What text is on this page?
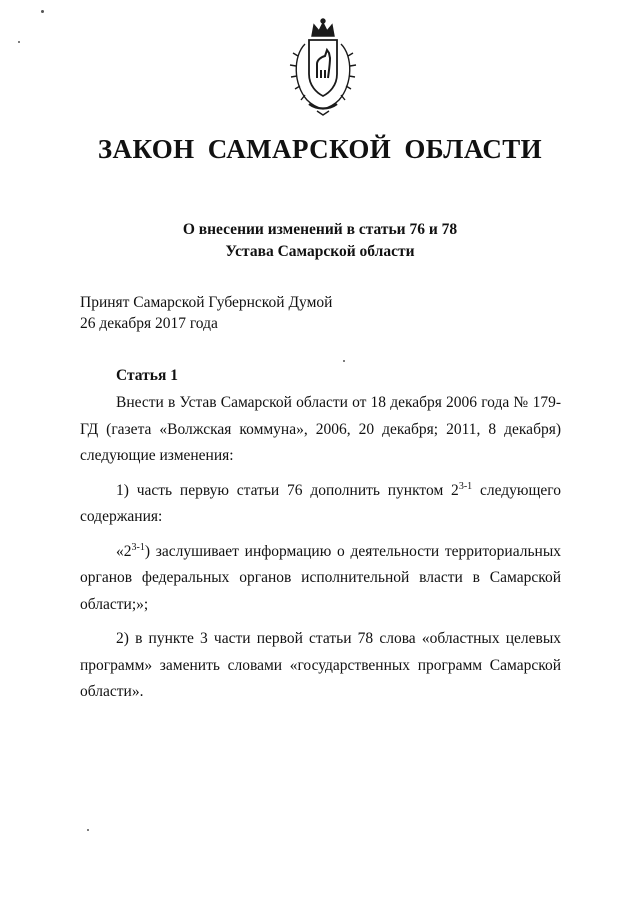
ЗАКОН САМАРСКОЙ ОБЛАСТИ
О внесении изменений в статьи 76 и 78
Устава Самарской области
Принят Самарской Губернской Думой
26 декабря 2017 года
Статья 1

Внести в Устав Самарской области от 18 декабря 2006 года № 179-ГД (газета «Волжская коммуна», 2006, 20 декабря; 2011, 8 декабря) следующие изменения:

1) часть первую статьи 76 дополнить пунктом 2$^{3-1}$ следующего содержания:

«2$^{3-1}$) заслушивает информацию о деятельности территориальных органов федеральных органов исполнительной власти в Самарской области;»;

2) в пункте 3 части первой статьи 78 слова «областных целевых программ» заменить словами «государственных программ Самарской области».
